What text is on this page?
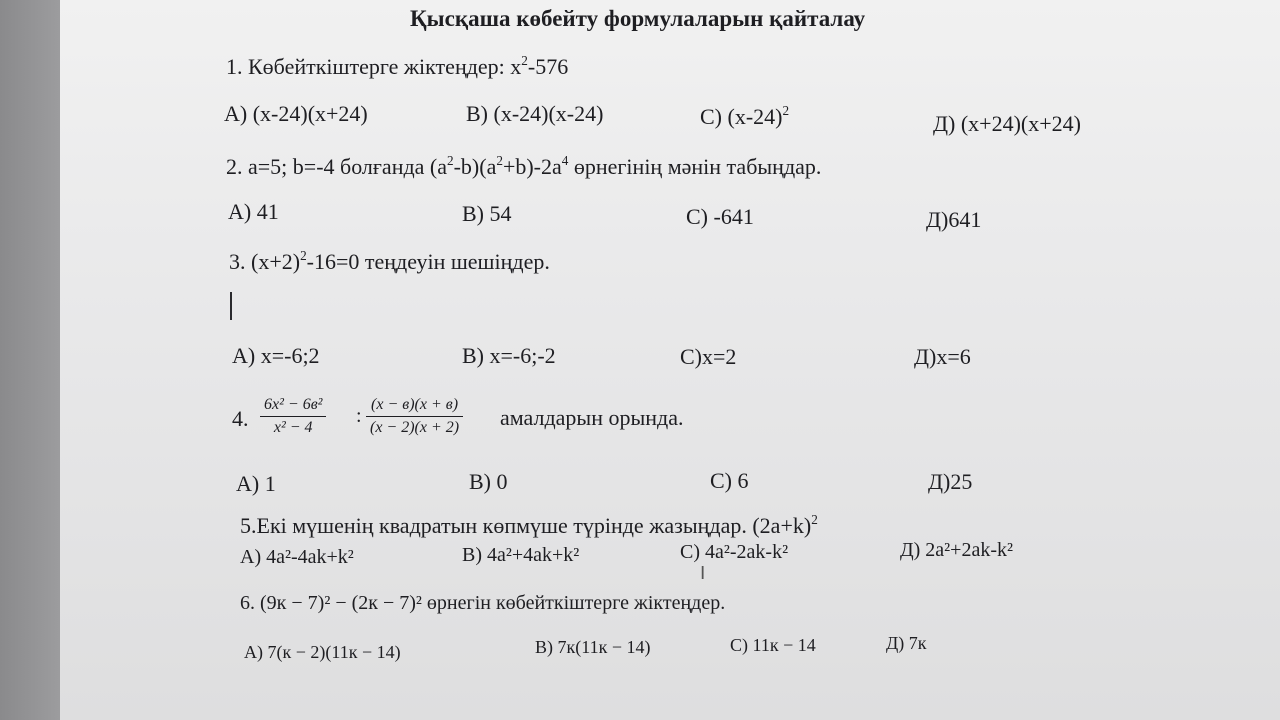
Қысқаша көбейту формулаларын қайталау
1. Көбейткіштерге жіктеңдер: $x^2-576$
А) (x-24)(x+24)	В) (x-24)(x-24)	С) $(x-24)^2$
Д) (x+24)(x+24)
2. a=5; b=-4 болғанда $(a^2-b)(a^2+b)-2a^4$ өрнегінің мәнін табыңдар.
А) 41	В) 54	С) -641	Д)641
3. $(x+2)^2-16=0$ теңдеуін шешіңдер.
А) x=-6;2	В) x=-6;-2	С)x=2	Д)x=6
4.
6x² − 6в²
x² − 4
:
(x − в)(x + в)
(x − 2)(x + 2) амалдарын орында.
А) 1	В) 0	С) 6	Д)25
5.Екі мүшенің квадратын көпмүше түрінде жазыңдар. $(2a+k)^2$
А) 4a²-4ak+k²	В) 4a²+4ak+k²	С) 4a²-2ak-k²	Д) 2a²+2ak-k²
I
6. (9к − 7)² − (2к − 7)² өрнегін көбейткіштерге жіктеңдер.
А) 7(к − 2)(11к − 14)	В) 7к(11к − 14)	С) 11к − 14	Д) 7к
